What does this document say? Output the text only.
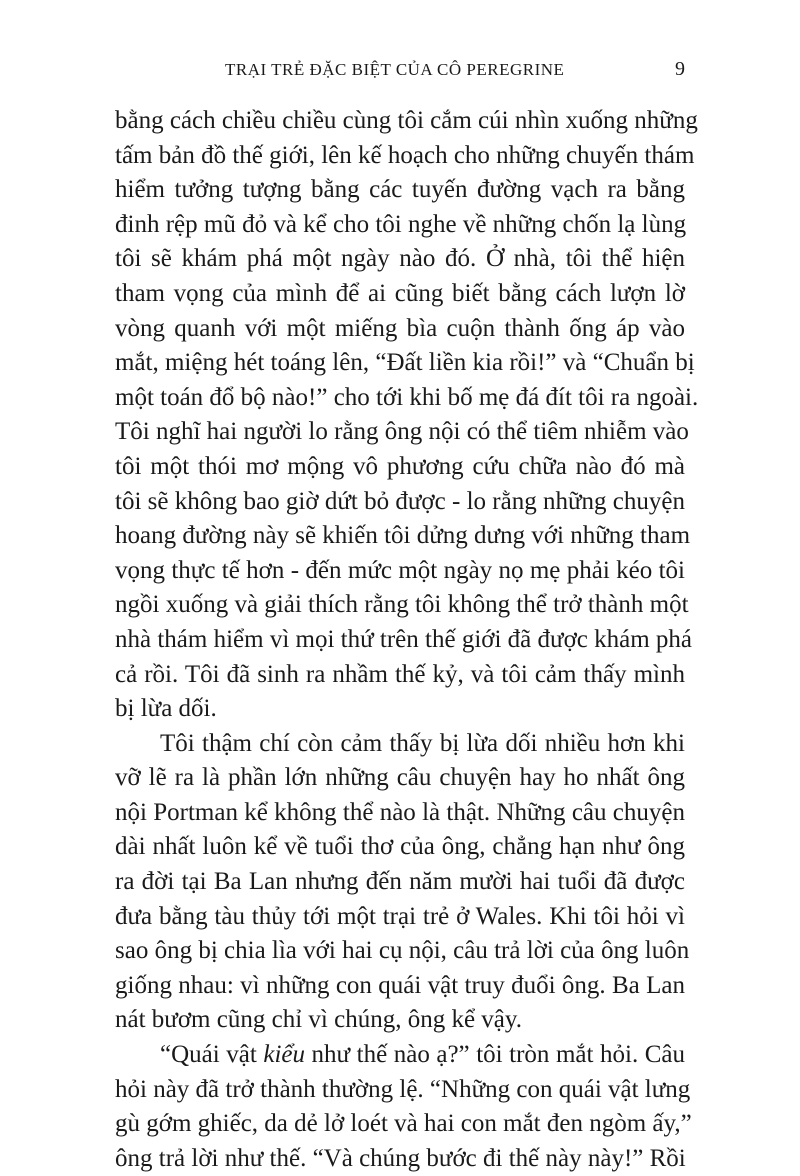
TRẠI TRẺ ĐẶC BIỆT CỦA CÔ PEREGRINE	9
bằng cách chiều chiều cùng tôi cắm cúi nhìn xuống những
tấm bản đồ thế giới, lên kế hoạch cho những chuyến thám
hiểm tưởng tượng bằng các tuyến đường vạch ra bằng
đinh rệp mũ đỏ và kể cho tôi nghe về những chốn lạ lùng
tôi sẽ khám phá một ngày nào đó. Ở nhà, tôi thể hiện
tham vọng của mình để ai cũng biết bằng cách lượn lờ
vòng quanh với một miếng bìa cuộn thành ống áp vào
mắt, miệng hét toáng lên, “Đất liền kia rồi!” và “Chuẩn bị
một toán đổ bộ nào!” cho tới khi bố mẹ đá đít tôi ra ngoài.
Tôi nghĩ hai người lo rằng ông nội có thể tiêm nhiễm vào
tôi một thói mơ mộng vô phương cứu chữa nào đó mà
tôi sẽ không bao giờ dứt bỏ được - lo rằng những chuyện
hoang đường này sẽ khiến tôi dửng dưng với những tham
vọng thực tế hơn - đến mức một ngày nọ mẹ phải kéo tôi
ngồi xuống và giải thích rằng tôi không thể trở thành một
nhà thám hiểm vì mọi thứ trên thế giới đã được khám phá
cả rồi. Tôi đã sinh ra nhầm thế kỷ, và tôi cảm thấy mình
bị lừa dối.
Tôi thậm chí còn cảm thấy bị lừa dối nhiều hơn khi
vỡ lẽ ra là phần lớn những câu chuyện hay ho nhất ông
nội Portman kể không thể nào là thật. Những câu chuyện
dài nhất luôn kể về tuổi thơ của ông, chẳng hạn như ông
ra đời tại Ba Lan nhưng đến năm mười hai tuổi đã được
đưa bằng tàu thủy tới một trại trẻ ở Wales. Khi tôi hỏi vì
sao ông bị chia lìa với hai cụ nội, câu trả lời của ông luôn
giống nhau: vì những con quái vật truy đuổi ông. Ba Lan
nát bươm cũng chỉ vì chúng, ông kể vậy.
“Quái vật kiểu như thế nào ạ?” tôi tròn mắt hỏi. Câu
hỏi này đã trở thành thường lệ. “Những con quái vật lưng
gù gớm ghiếc, da dẻ lở loét và hai con mắt đen ngòm ấy,”
ông trả lời như thế. “Và chúng bước đi thế này này!” Rồi
